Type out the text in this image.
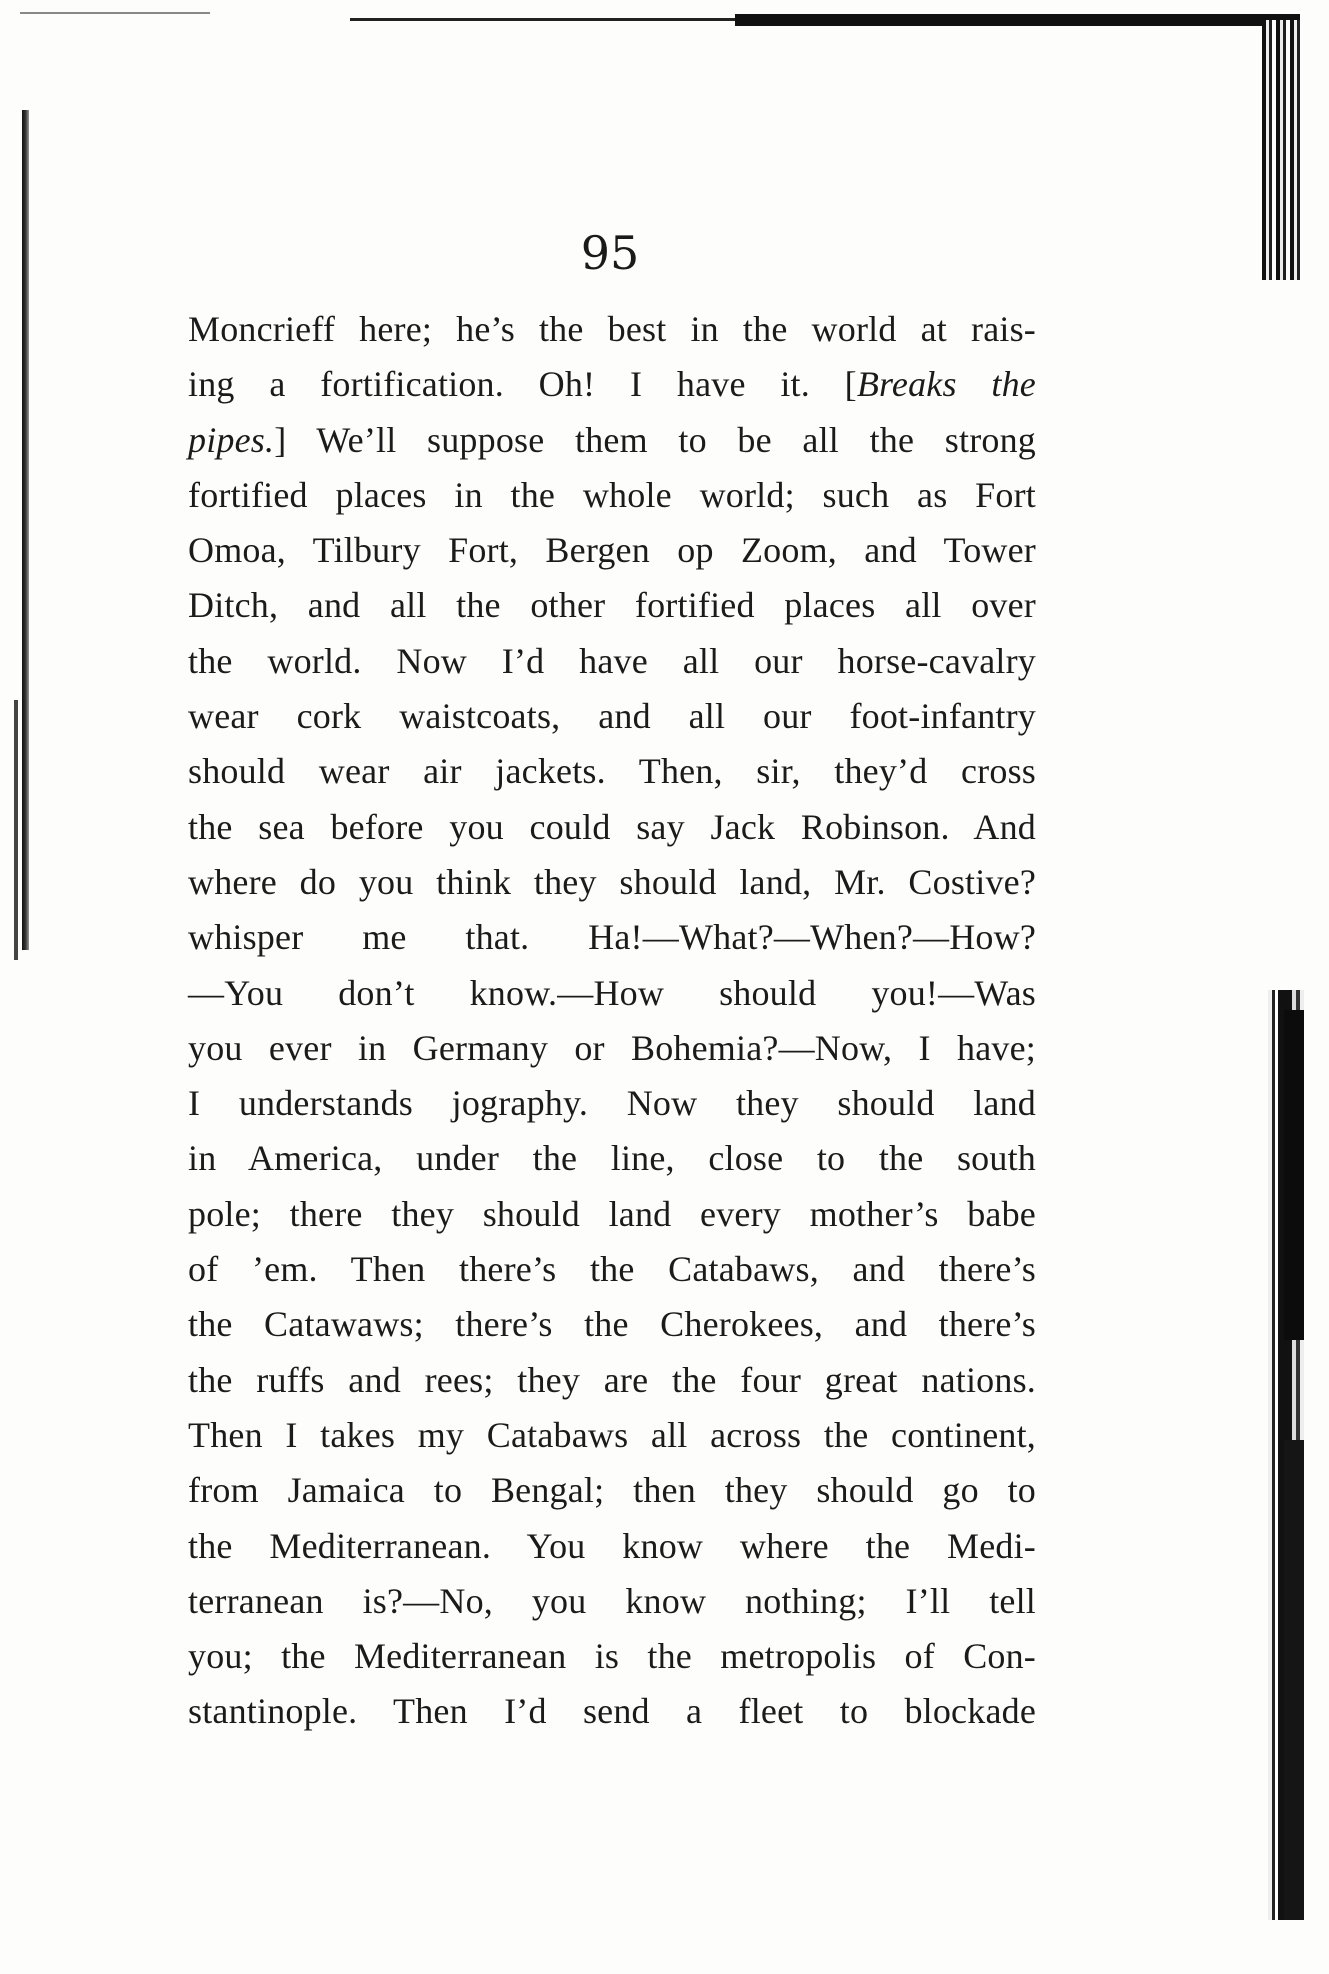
95
Moncrieff here; he’s the best in the world at rais-
ing a fortification. Oh! I have it. [Breaks the
pipes.] We’ll suppose them to be all the strong
fortified places in the whole world; such as Fort
Omoa, Tilbury Fort, Bergen op Zoom, and Tower
Ditch, and all the other fortified places all over
the world. Now I’d have all our horse-cavalry
wear cork waistcoats, and all our foot-infantry
should wear air jackets. Then, sir, they’d cross
the sea before you could say Jack Robinson. And
where do you think they should land, Mr. Costive?
whisper me that. Ha!—What?—When?—How?
—You don’t know.—How should you!—Was
you ever in Germany or Bohemia?—Now, I have;
I understands jography. Now they should land
in America, under the line, close to the south
pole; there they should land every mother’s babe
of ’em. Then there’s the Catabaws, and there’s
the Catawaws; there’s the Cherokees, and there’s
the ruffs and rees; they are the four great nations.
Then I takes my Catabaws all across the continent,
from Jamaica to Bengal; then they should go to
the Mediterranean. You know where the Medi-
terranean is?—No, you know nothing; I’ll tell
you; the Mediterranean is the metropolis of Con-
stantinople. Then I’d send a fleet to blockade
